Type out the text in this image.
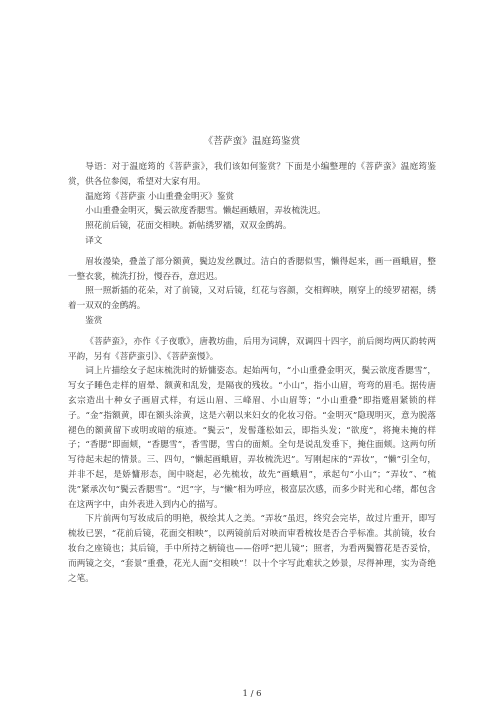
《菩萨蛮》温庭筠鉴赏

导语：对于温庭筠的《菩萨蛮》，我们该如何鉴赏？下面是小编整理的《菩萨蛮》温庭筠鉴赏，供各位参阅，希望对大家有用。

温庭筠《菩萨蛮 小山重叠金明灭》鉴赏

小山重叠金明灭，鬓云欲度香腮雪。懒起画蛾眉，弄妆梳洗迟。

照花前后镜，花面交相映。新帖绣罗襦，双双金鹧鸪。

译文

眉妆漫染，叠盖了部分额黄，鬓边发丝飘过。洁白的香腮似雪，懒得起来，画一画蛾眉，整一整衣裳，梳洗打扮，慢吞吞，意迟迟。

照一照新插的花朵，对了前镜，又对后镜，红花与容颜，交相辉映，刚穿上的绫罗裙裾，绣着一双双的金鹧鸪。

鉴赏

《菩萨蛮》，亦作《子夜歌》，唐教坊曲，后用为词牌，双调四十四字，前后阕均两仄韵转两平韵，另有《菩萨蛮引》、《菩萨蛮慢》。

词上片描绘女子起床梳洗时的娇慵姿态。起始两句，“小山重叠金明灭，鬓云欲度香腮雪”，写女子睡色走样的眉晕、额黄和乱发，是隔夜的残妆。“小山”，指小山眉，弯弯的眉毛。据传唐玄宗造出十种女子画眉式样，有远山眉、三峰眉、小山眉等；“小山重叠”即指蹙眉紧锁的样子。“金”指额黄，即在额头涂黄，这是六朝以来妇女的化妆习俗。“金明灭”隐现明灭，意为脱落褪色的额黄留下或明或暗的痕迹。“鬓云”，发髻蓬松如云，即指头发；“欲度”，将掩未掩的样子；“香腮”即面颊，“香腮雪”，香雪腮，雪白的面颊。全句是说乱发垂下，掩住面颊。这两句所写待起未起的情景。三、四句，“懒起画蛾眉，弄妆梳洗迟”。写刚起床的“弄妆”，“懒”引全句，并非不起，是娇慵形态，闺中晓起，必先梳妆，故先“画蛾眉”，承起句“小山”；“弄妆”、“梳洗”紧承次句“鬓云香腮雪”。“迟”字，与“懒”相为呼应，极富层次感，而多少时光和心绪，都包含在这两字中，由外表进入到内心的描写。

下片前两句写妆成后的明艳，极绘其人之美。“弄妆”虽迟，终究会完毕，故过片重开，即写梳妆已罢，“花前后镜，花面交相映”，以两镜前后对映而审看梳妆是否合乎标准。其前镜，妆台妆台之座镜也；其后镜，手中所持之柄镜也——俗呼“把儿镜”；照者，为看两鬓簪花是否妥恰，而两镜之交，“套景”重叠，花光人面“交相映”！以十个字写此难状之妙景，尽得神理，实为奇绝之笔。

1 / 6
